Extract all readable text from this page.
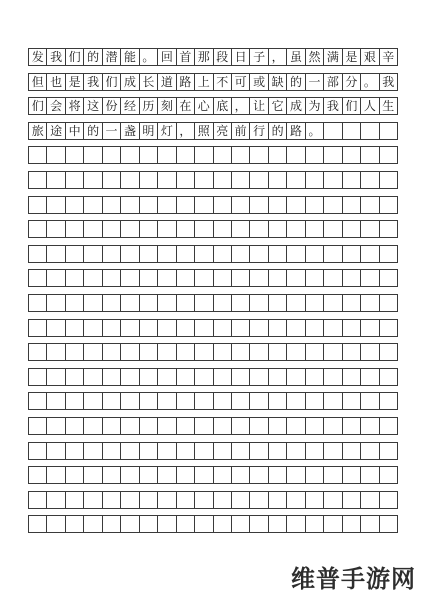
发 我 们 的 潜 能 。 回 首 那 段 日 子 ， 虽 然 满 是 艰 辛
但 也 是 我 们 成 长 道 路 上 不 可 或 缺 的 一 部 分 。 我
们 会 将 这 份 经 历 刻 在 心 底 ， 让 它 成 为 我 们 人 生
旅 途 中 的 一 盏 明 灯 ， 照 亮 前 行 的 路 。
维普手游网
